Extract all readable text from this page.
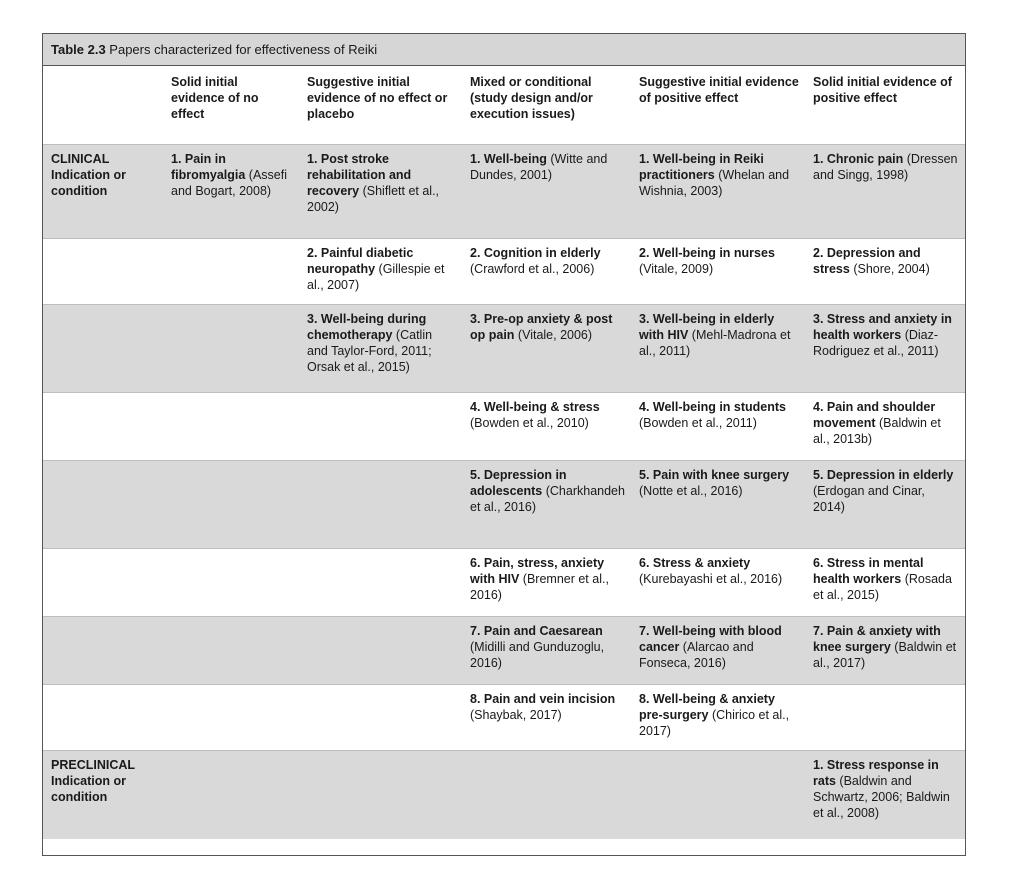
Table 2.3 Papers characterized for effectiveness of Reiki
	Solid initial evidence of no effect	Suggestive initial evidence of no effect or placebo	Mixed or conditional (study design and/or execution issues)	Suggestive initial evidence of positive effect	Solid initial evidence of positive effect
CLINICAL Indication or condition	1. Pain in fibromyalgia (Assefi and Bogart, 2008)	1. Post stroke rehabilitation and recovery (Shiflett et al., 2002)	1. Well-being (Witte and Dundes, 2001)	1. Well-being in Reiki practitioners (Whelan and Wishnia, 2003)	1. Chronic pain (Dressen and Singg, 1998)
		2. Painful diabetic neuropathy (Gillespie et al., 2007)	2. Cognition in elderly (Crawford et al., 2006)	2. Well-being in nurses (Vitale, 2009)	2. Depression and stress (Shore, 2004)
		3. Well-being during chemotherapy (Catlin and Taylor-Ford, 2011; Orsak et al., 2015)	3. Pre-op anxiety & post op pain (Vitale, 2006)	3. Well-being in elderly with HIV (Mehl-Madrona et al., 2011)	3. Stress and anxiety in health workers (Diaz-Rodriguez et al., 2011)
			4. Well-being & stress (Bowden et al., 2010)	4. Well-being in students (Bowden et al., 2011)	4. Pain and shoulder movement (Baldwin et al., 2013b)
			5. Depression in adolescents (Charkhandeh et al., 2016)	5. Pain with knee surgery (Notte et al., 2016)	5. Depression in elderly (Erdogan and Cinar, 2014)
			6. Pain, stress, anxiety with HIV (Bremner et al., 2016)	6. Stress & anxiety (Kurebayashi et al., 2016)	6. Stress in mental health workers (Rosada et al., 2015)
			7. Pain and Caesarean (Midilli and Gunduzoglu, 2016)	7. Well-being with blood cancer (Alarcao and Fonseca, 2016)	7. Pain & anxiety with knee surgery (Baldwin et al., 2017)
			8. Pain and vein incision (Shaybak, 2017)	8. Well-being & anxiety pre-surgery (Chirico et al., 2017)	
PRECLINICAL Indication or condition					1. Stress response in rats (Baldwin and Schwartz, 2006; Baldwin et al., 2008)
